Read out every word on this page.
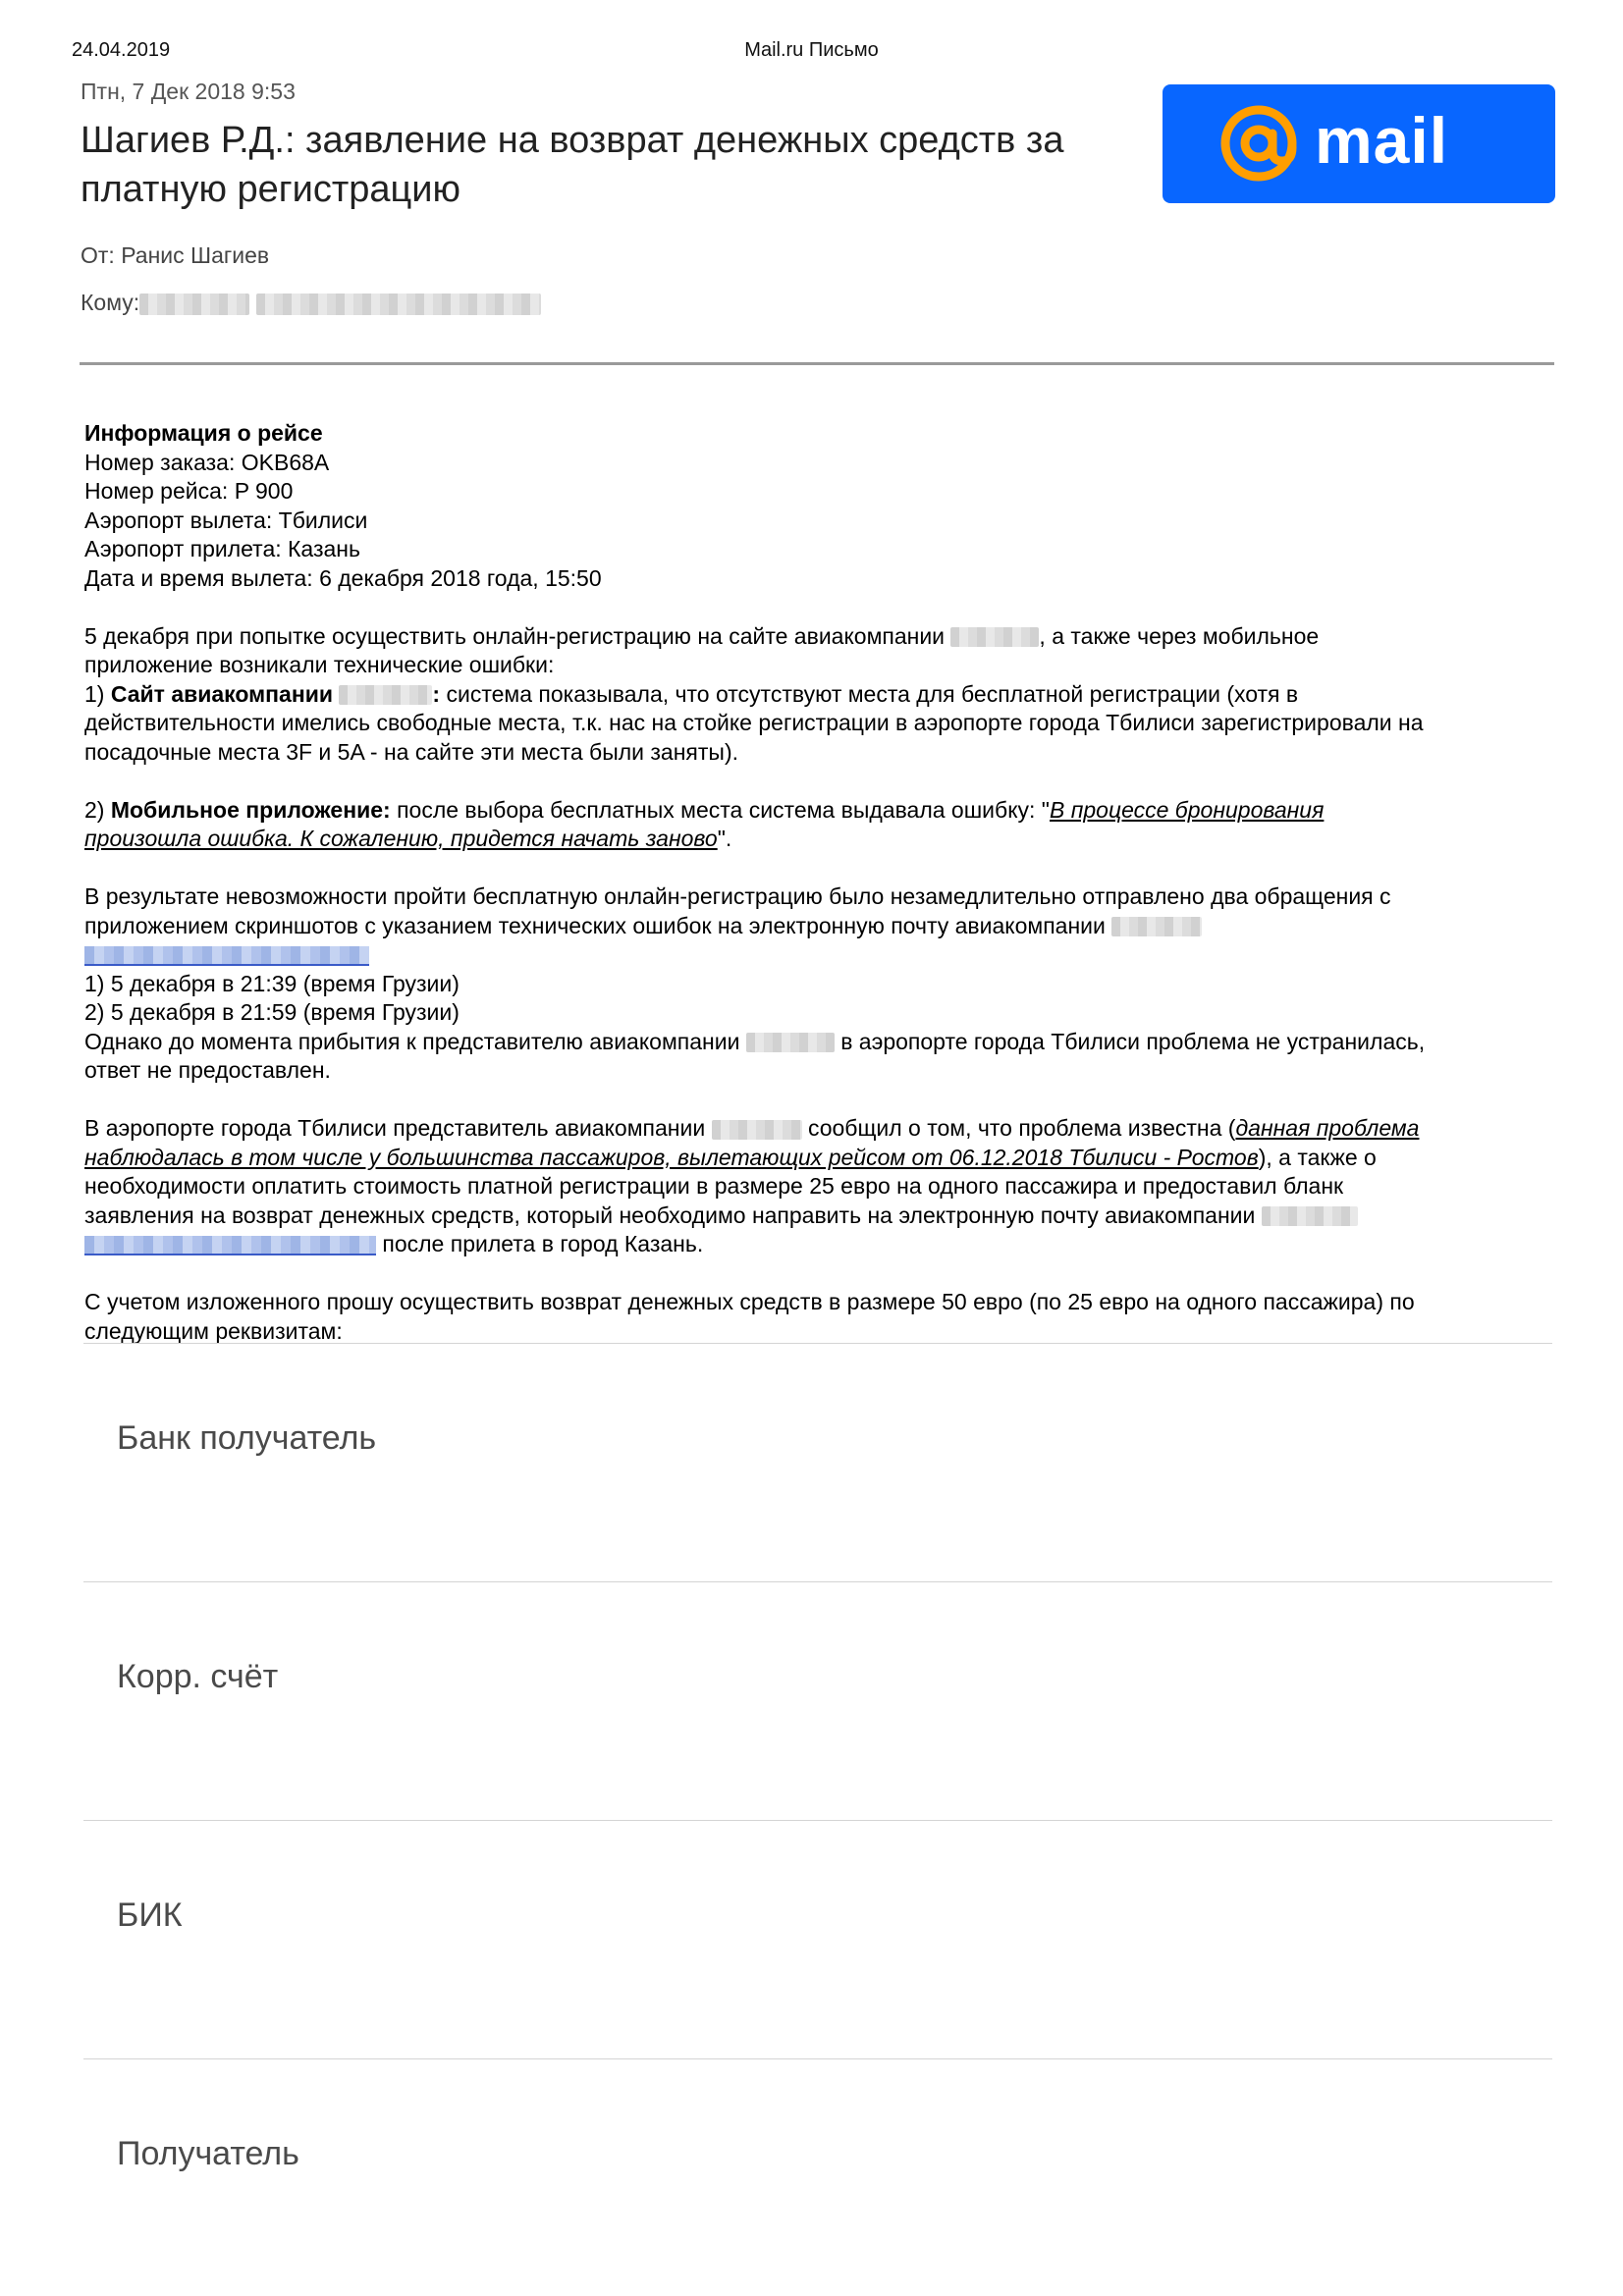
24.04.2019	Mail.ru Письмо
Птн, 7 Дек 2018 9:53
Шагиев Р.Д.: заявление на возврат денежных средств за платную регистрацию
mail
От: Ранис Шагиев
Кому:

Информация о рейсе

Номер заказа: OKB68A

Номер рейса: P 900

Аэропорт вылета: Тбилиси

Аэропорт прилета: Казань

Дата и время вылета: 6 декабря 2018 года, 15:50

5 декабря при попытке осуществить онлайн-регистрацию на сайте авиакомпании	, а также через мобильное

приложение возникали технические ошибки:

1) Сайт авиакомпании	: система показывала, что отсутствуют места для бесплатной регистрации (хотя в

действительности имелись свободные места, т.к. нас на стойке регистрации в аэропорте города Тбилиси зарегистрировали на

посадочные места 3F и 5A - на сайте эти места были заняты).

2) Мобильное приложение: после выбора бесплатных места система выдавала ошибку: "В процессе бронирования

произошла ошибка. К сожалению, придется начать заново".

В результате невозможности пройти бесплатную онлайн-регистрацию было незамедлительно отправлено два обращения с

приложением скриншотов с указанием технических ошибок на электронную почту авиакомпании

1) 5 декабря в 21:39 (время Грузии)

2) 5 декабря в 21:59 (время Грузии)

Однако до момента прибытия к представителю авиакомпании	в аэропорте города Тбилиси проблема не устранилась,

ответ не предоставлен.

В аэропорте города Тбилиси представитель авиакомпании	сообщил о том, что проблема известна (данная проблема

наблюдалась в том числе у большинства пассажиров, вылетающих рейсом от 06.12.2018 Тбилиси - Ростов), а также о

необходимости оплатить стоимость платной регистрации в размере 25 евро на одного пассажира и предоставил бланк

заявления на возврат денежных средств, который необходимо направить на электронную почту авиакомпании

после прилета в город Казань.

С учетом изложенного прошу осуществить возврат денежных средств в размере 50 евро (по 25 евро на одного пассажира) по

следующим реквизитам:

Банк получатель
Корр. счёт
БИК
Получатель
